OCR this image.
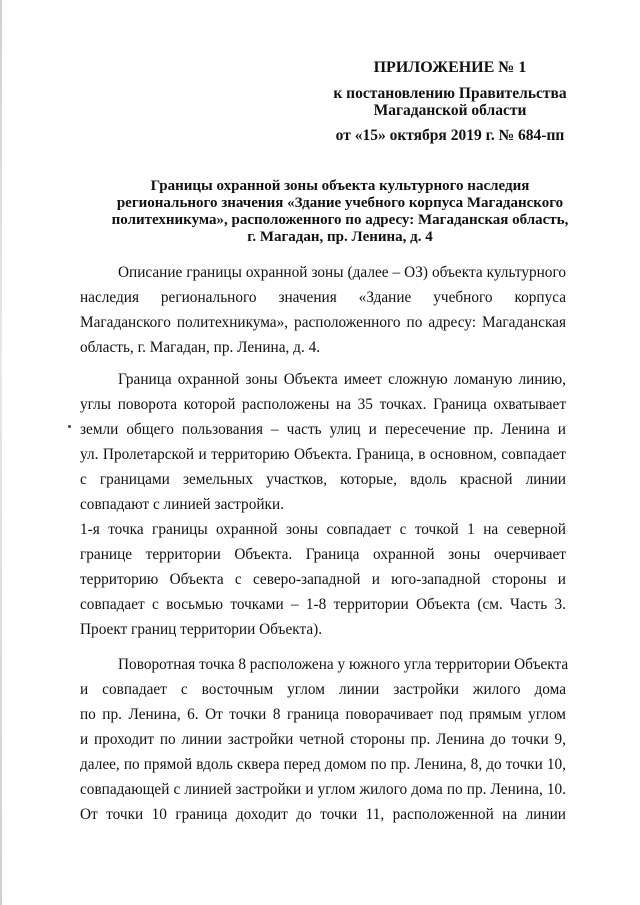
ПРИЛОЖЕНИЕ № 1
к постановлению Правительства
Магаданской области
от «15» октября 2019 г. № 684-пп
Границы охранной зоны объекта культурного наследия
регионального значения «Здание учебного корпуса Магаданского
политехникума», расположенного по адресу: Магаданская область,
г. Магадан, пр. Ленина, д. 4
Описание границы охранной зоны (далее – ОЗ) объекта культурного
наследия регионального значения «Здание учебного корпуса
Магаданского политехникума», расположенного по адресу: Магаданская
область, г. Магадан, пр. Ленина, д. 4.
Граница охранной зоны Объекта имеет сложную ломаную линию,
углы поворота которой расположены на 35 точках. Граница охватывает
земли общего пользования – часть улиц и пересечение пр. Ленина и
ул. Пролетарской и территорию Объекта. Граница, в основном, совпадает
с границами земельных участков, которые, вдоль красной линии
совпадают с линией застройки.
1-я точка границы охранной зоны совпадает с точкой 1 на северной
границе территории Объекта. Граница охранной зоны очерчивает
территорию Объекта с северо-западной и юго-западной стороны и
совпадает с восьмью точками – 1-8 территории Объекта (см. Часть 3.
Проект границ территории Объекта).
Поворотная точка 8 расположена у южного угла территории Объекта
и совпадает с восточным углом линии застройки жилого дома
по пр. Ленина, 6. От точки 8 граница поворачивает под прямым углом
и проходит по линии застройки четной стороны пр. Ленина до точки 9,
далее, по прямой вдоль сквера перед домом по пр. Ленина, 8, до точки 10,
совпадающей с линией застройки и углом жилого дома по пр. Ленина, 10.
От точки 10 граница доходит до точки 11, расположенной на линии
